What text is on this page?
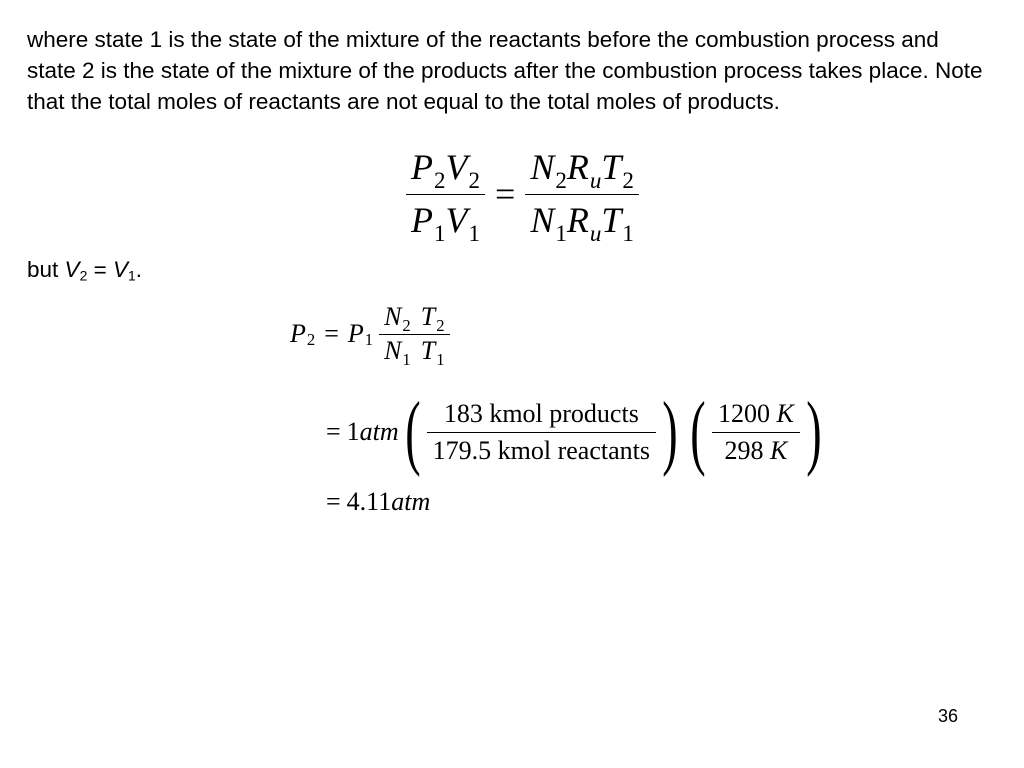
where state 1 is the state of the mixture of the reactants before the combustion process and state 2 is the state of the mixture of the products after the combustion process takes place. Note that the total moles of reactants are not equal to the total moles of products.

$\frac{P_2V_2}{P_1V_1} = \frac{N_2R_uT_2}{N_1R_uT_1}$
but $V_2 = V_1$.
P 2 = P $1 \frac{N_2}{N_1} \frac{T_2}{T_1}$
= 1 atm ( $\frac{\text{183 kmol products}}{\text{179.5 kmol reactants}}$ ) ( $\frac{1200 K}{298 K}$ )
= 4.11 atm
36
